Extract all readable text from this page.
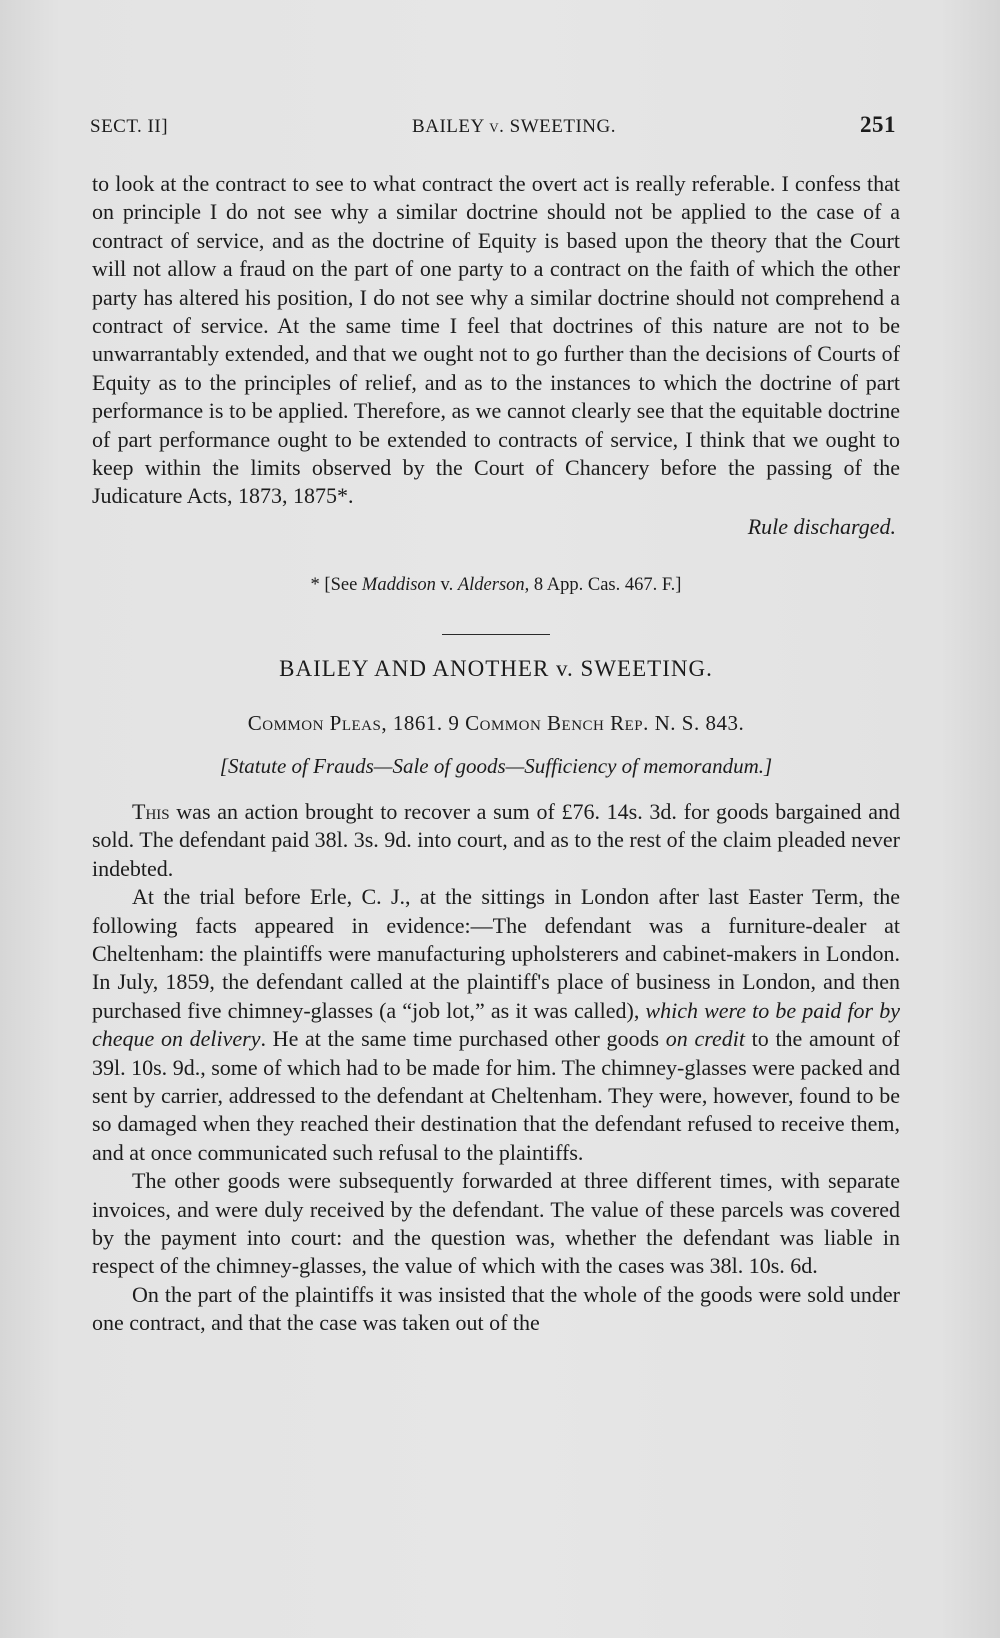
SECT. II]	BAILEY v. SWEETING.	251

to look at the contract to see to what contract the overt act is really referable. I confess that on principle I do not see why a similar doctrine should not be applied to the case of a contract of service, and as the doctrine of Equity is based upon the theory that the Court will not allow a fraud on the part of one party to a contract on the faith of which the other party has altered his position, I do not see why a similar doctrine should not comprehend a contract of service. At the same time I feel that doctrines of this nature are not to be unwarrantably extended, and that we ought not to go further than the decisions of Courts of Equity as to the principles of relief, and as to the instances to which the doctrine of part performance is to be applied. Therefore, as we cannot clearly see that the equitable doctrine of part performance ought to be extended to contracts of service, I think that we ought to keep within the limits observed by the Court of Chancery before the passing of the Judicature Acts, 1873, 1875*.

Rule discharged.

* [See Maddison v. Alderson, 8 App. Cas. 467. F.]

BAILEY AND ANOTHER v. SWEETING.

Common Pleas, 1861. 9 Common Bench Rep. N. S. 843.

[Statute of Frauds—Sale of goods—Sufficiency of memorandum.]

This was an action brought to recover a sum of £76. 14s. 3d. for goods bargained and sold. The defendant paid 38l. 3s. 9d. into court, and as to the rest of the claim pleaded never indebted.

At the trial before Erle, C. J., at the sittings in London after last Easter Term, the following facts appeared in evidence:—The defendant was a furniture-dealer at Cheltenham: the plaintiffs were manufacturing upholsterers and cabinet-makers in London. In July, 1859, the defendant called at the plaintiff's place of business in London, and then purchased five chimney-glasses (a “job lot,” as it was called), which were to be paid for by cheque on delivery. He at the same time purchased other goods on credit to the amount of 39l. 10s. 9d., some of which had to be made for him. The chimney-glasses were packed and sent by carrier, addressed to the defendant at Cheltenham. They were, however, found to be so damaged when they reached their destination that the defendant refused to receive them, and at once communicated such refusal to the plaintiffs.

The other goods were subsequently forwarded at three different times, with separate invoices, and were duly received by the defendant. The value of these parcels was covered by the payment into court: and the question was, whether the defendant was liable in respect of the chimney-glasses, the value of which with the cases was 38l. 10s. 6d.

On the part of the plaintiffs it was insisted that the whole of the goods were sold under one contract, and that the case was taken out of the
